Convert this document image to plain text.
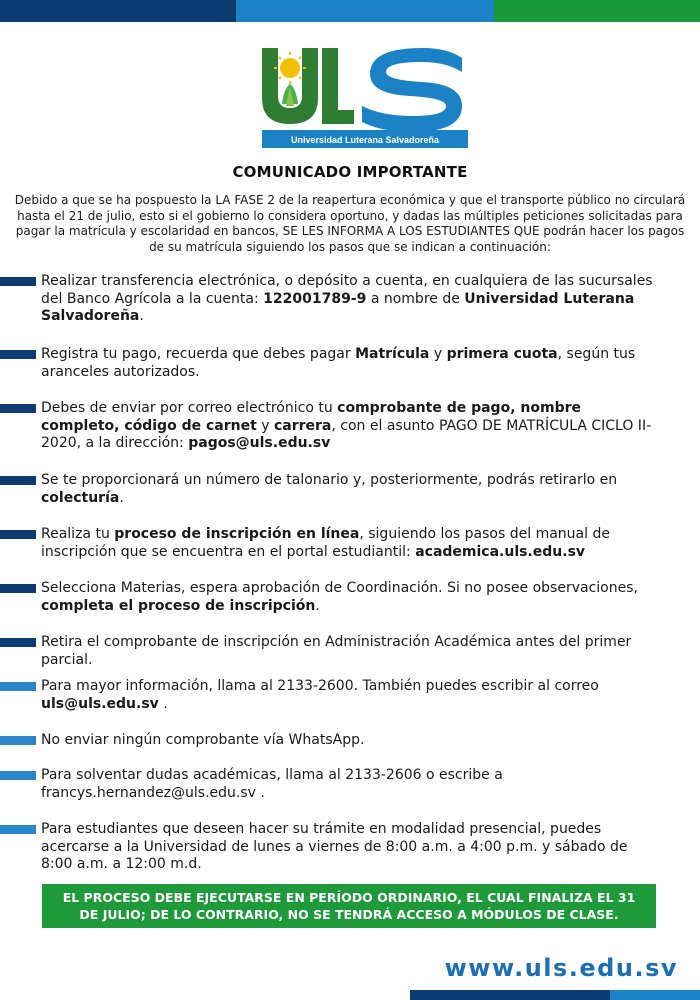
Universidad Luterana Salvadoreña
COMUNICADO IMPORTANTE
Debido a que se ha pospuesto la LA FASE 2 de la reapertura económica y que el transporte público no circulará hasta el 21 de julio, esto si el gobierno lo considera oportuno, y dadas las múltiples peticiones solicitadas para pagar la matrícula y escolaridad en bancos, SE LES INFORMA A LOS ESTUDIANTES QUE podrán hacer los pagos de su matrícula siguiendo los pasos que se indican a continuación:
Realizar transferencia electrónica, o depósito a cuenta, en cualquiera de las sucursales del Banco Agrícola a la cuenta: 122001789-9 a nombre de Universidad Luterana Salvadoreña.
Registra tu pago, recuerda que debes pagar Matrícula y primera cuota, según tus aranceles autorizados.
Debes de enviar por correo electrónico tu comprobante de pago, nombre completo, código de carnet y carrera, con el asunto PAGO DE MATRÍCULA CICLO II-2020, a la dirección: pagos@uls.edu.sv
Se te proporcionará un número de talonario y, posteriormente, podrás retirarlo en colecturía.
Realiza tu proceso de inscripción en línea, siguiendo los pasos del manual de inscripción que se encuentra en el portal estudiantil: academica.uls.edu.sv
Selecciona Materias, espera aprobación de Coordinación. Si no posee observaciones, completa el proceso de inscripción.
Retira el comprobante de inscripción en Administración Académica antes del primer parcial.
Para mayor información, llama al 2133-2600. También puedes escribir al correo uls@uls.edu.sv .
No enviar ningún comprobante vía WhatsApp.
Para solventar dudas académicas, llama al 2133-2606 o escribe a francys.hernandez@uls.edu.sv .
Para estudiantes que deseen hacer su trámite en modalidad presencial, puedes acercarse a la Universidad de lunes a viernes de 8:00 a.m. a 4:00 p.m. y sábado de 8:00 a.m. a 12:00 m.d.
EL PROCESO DEBE EJECUTARSE EN PERÍODO ORDINARIO, EL CUAL FINALIZA EL 31 DE JULIO; DE LO CONTRARIO, NO SE TENDRÁ ACCESO A MÓDULOS DE CLASE.
www.uls.edu.sv
